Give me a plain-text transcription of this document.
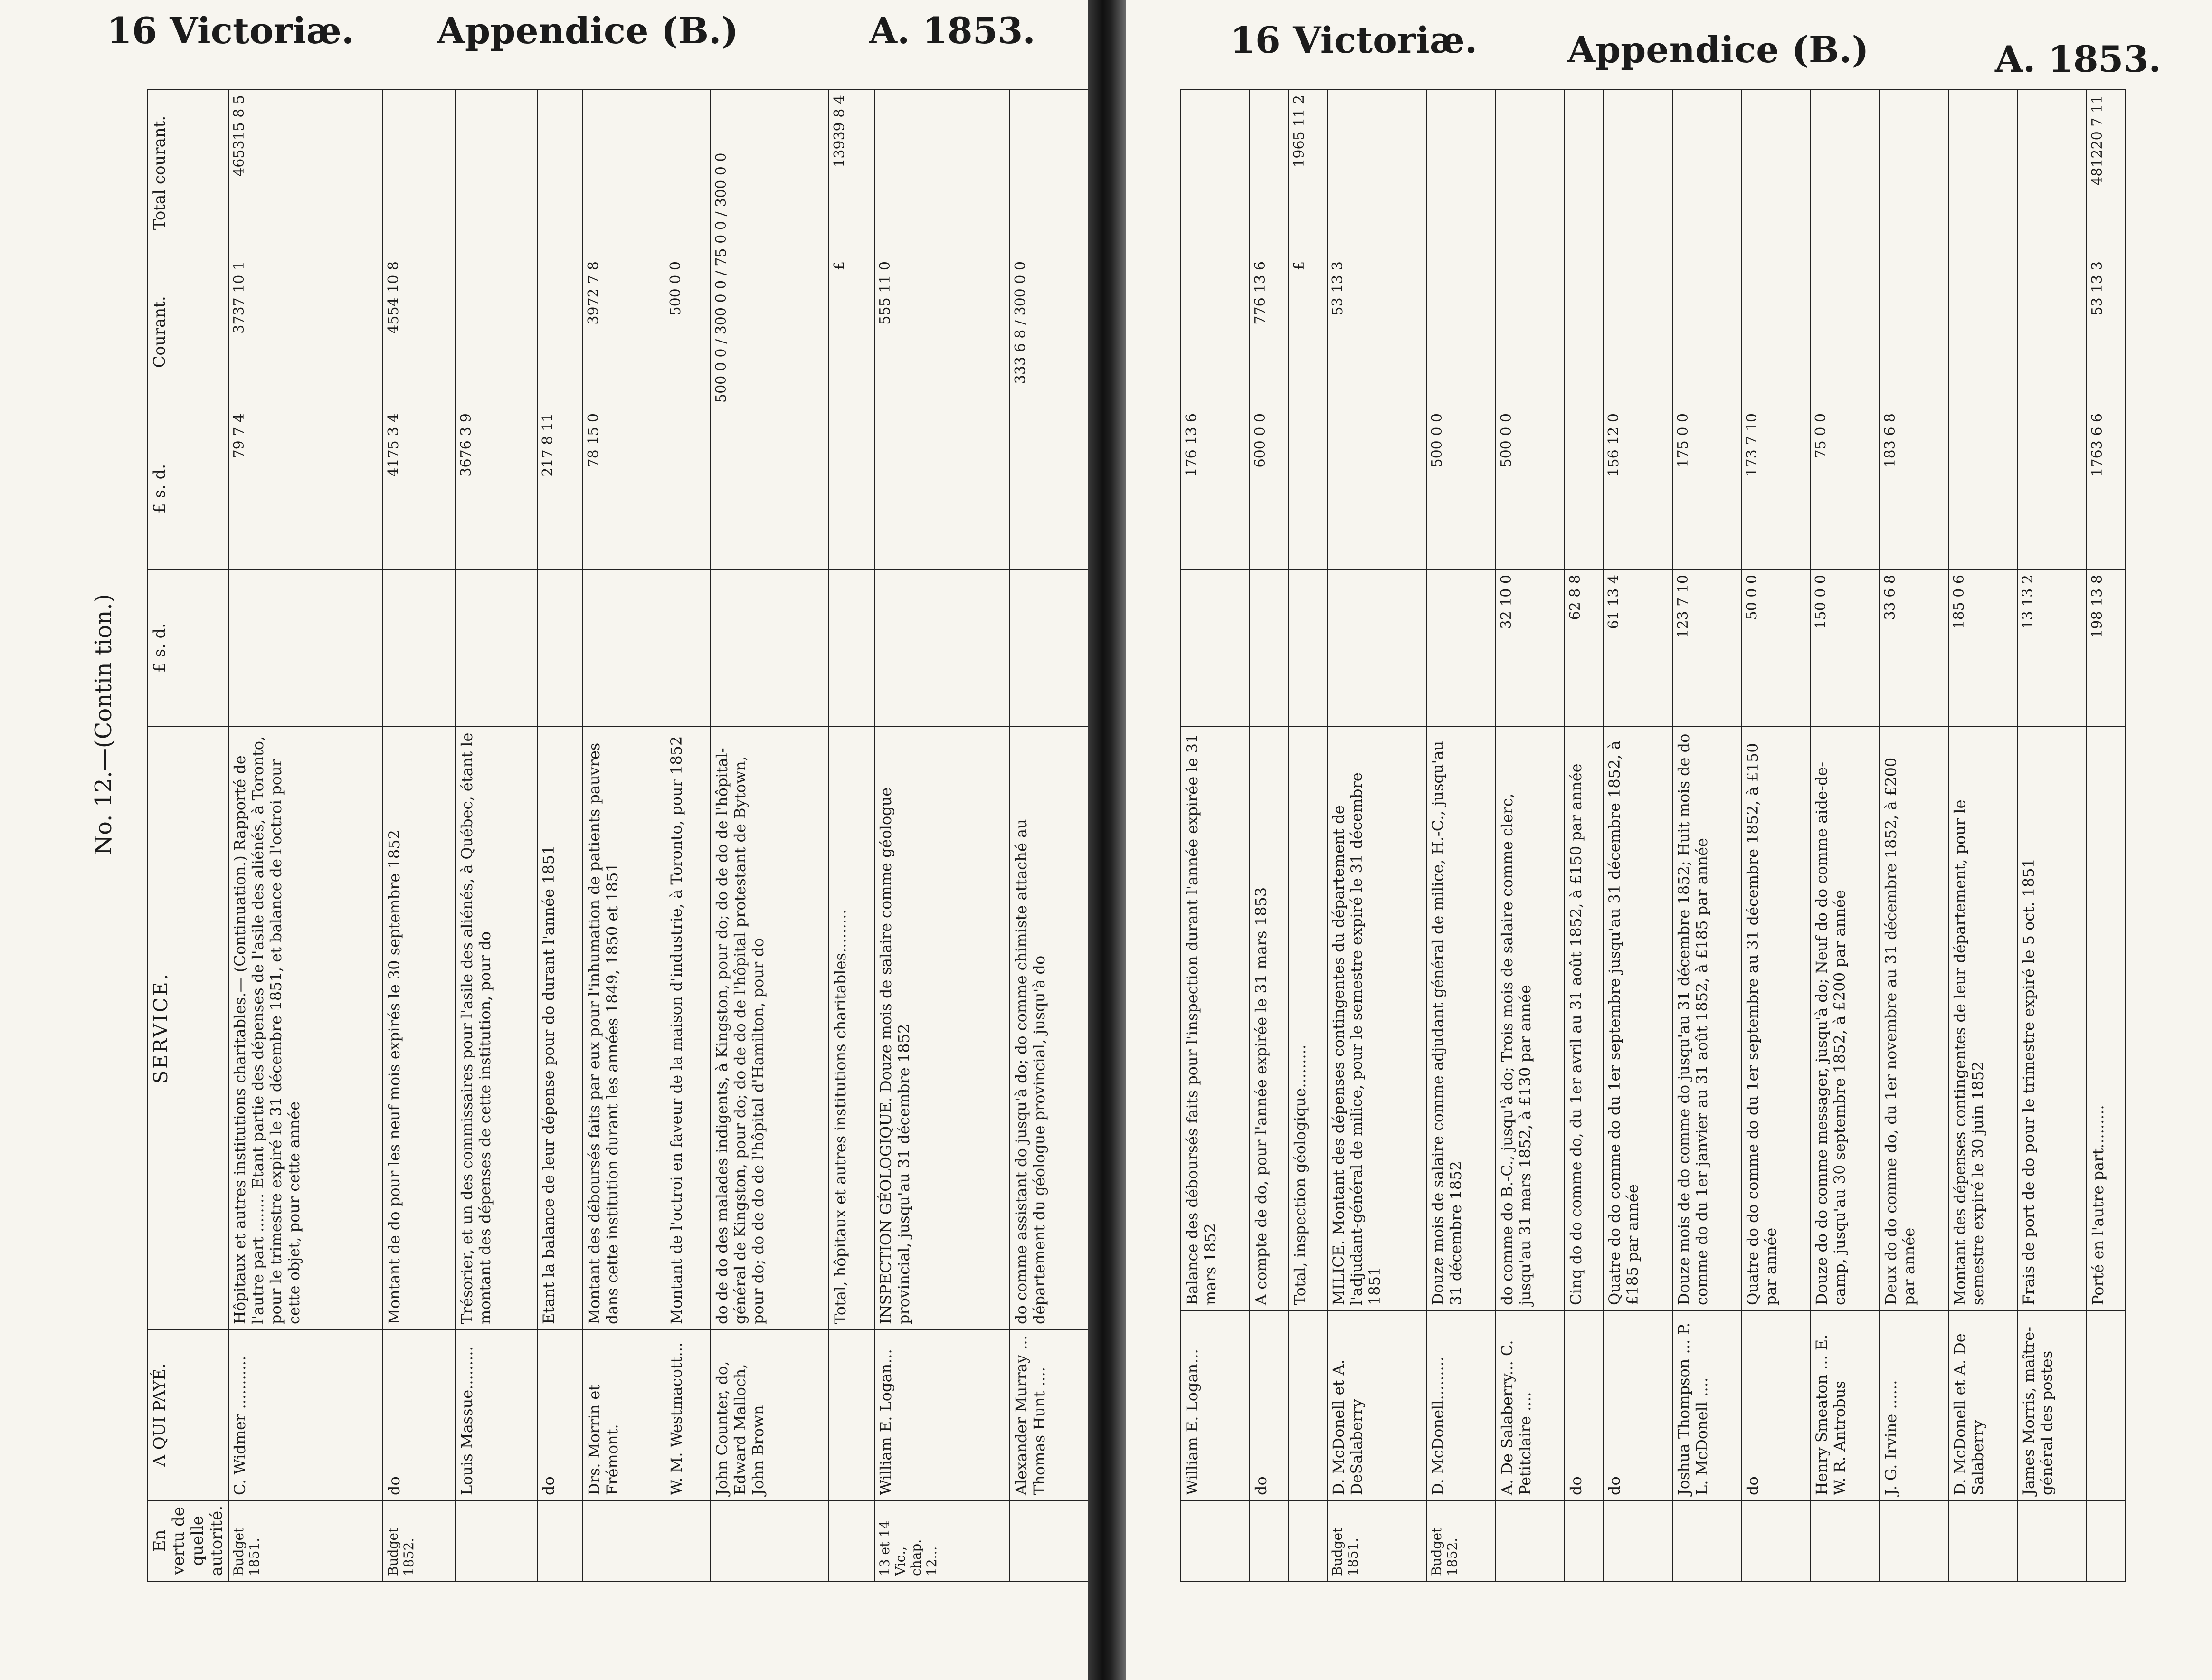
16 Victoriæ. Appendice (B.)	A. 1853.
No. 12.—(Contin tion.)
En vertu de quelle autorité.	A QUI PAYÉ.	SERVICE.	£ s. d.	£ s. d.	Courant.	Total courant.
Budget 1851.	C. Widmer ...........	Hôpitaux et autres institutions charitables.— (Continuation.) Rapporté de l'autre part ........ Etant partie des dépenses de l'asile des aliénés, à Toronto, pour le trimestre expiré le 31 décembre 1851, et balance de l'octroi pour cette objet, pour cette année		79 7 4	3737 10 1	465315 8 5
Budget 1852.	do	Montant de do pour les neuf mois expirés le 30 septembre 1852		4175 3 4	4554 10 8	
	Louis Massue.........	Trésorier, et un des commissaires pour l'asile des aliénés, à Québec, étant le montant des dépenses de cette institution, pour do		3676 3 9		
	do	Etant la balance de leur dépense pour do durant l'année 1851		217 8 11		
	Drs. Morrin et Frémont.	Montant des déboursés faits par eux pour l'inhumation de patients pauvres dans cette institution durant les années 1849, 1850 et 1851		78 15 0	3972 7 8	
	W. M. Westmacott...	Montant de l'octroi en faveur de la maison d'industrie, à Toronto, pour 1852			500 0 0	
	John Counter, do, Edward Malloch, John Brown	do de do des malades indigents, à Kingston, pour do; do de do de l'hôpital-général de Kingston, pour do; do de do de l'hôpital protestant de Bytown, pour do; do de do de l'hôpital d'Hamilton, pour do			500 0 0 / 300 0 0 / 75 0 0 / 300 0 0	
		Total, hôpitaux et autres institutions charitables.........			£	13939 8 4
13 et 14 Vic., chap. 12...	William E. Logan...	INSPECTION GÉOLOGIQUE. Douze mois de salaire comme géologue provincial, jusqu'au 31 décembre 1852			555 11 0	
	Alexander Murray ... Thomas Hunt ....	do comme assistant do jusqu'à do; do comme chimiste attaché au département du géologue provincial, jusqu'à do			333 6 8 / 300 0 0	
16 Victoriæ. Appendice (B.)	A. 1853.
	William E. Logan...	Balance des déboursés faits pour l'inspection durant l'année expirée le 31 mars 1852		176 13 6		
	do	A compte de do, pour l'année expirée le 31 mars 1853		600 0 0	776 13 6	
		Total, inspection géologique.........			£	1965 11 2
Budget 1851.	D. McDonell et A. DeSalaberry	MILICE. Montant des dépenses contingentes du département de l'adjudant-général de milice, pour le semestre expiré le 31 décembre 1851			53 13 3	
Budget 1852.	D. McDonell.........	Douze mois de salaire comme adjudant général de milice, H.-C., jusqu'au 31 décembre 1852		500 0 0		
	A. De Salaberry... C. Petitclaire ....	do comme do B.-C., jusqu'à do; Trois mois de salaire comme clerc, jusqu'au 31 mars 1852, à £130 par année	32 10 0	500 0 0		
	do	Cinq do do comme do, du 1er avril au 31 août 1852, à £150 par année	62 8 8			
	do	Quatre do do comme do du 1er septembre jusqu'au 31 décembre 1852, à £185 par année	61 13 4	156 12 0		
	Joshua Thompson ... P. L. McDonell ....	Douze mois de do comme do jusqu'au 31 décembre 1852; Huit mois de do comme do du 1er janvier au 31 août 1852, à £185 par année	123 7 10	175 0 0		
	do	Quatre do do comme do du 1er septembre au 31 décembre 1852, à £150 par année	50 0 0	173 7 10		
	Henry Smeaton ... E. W. R. Antrobus	Douze do do comme messager, jusqu'à do; Neuf do do comme aide-de-camp, jusqu'au 30 septembre 1852, à £200 par année	150 0 0	75 0 0		
	J. G. Irvine ......	Deux do do comme do, du 1er novembre au 31 décembre 1852, à £200 par année	33 6 8	183 6 8		
	D. McDonell et A. De Salaberry	Montant des dépenses contingentes de leur département, pour le semestre expiré le 30 juin 1852	185 0 6			
	James Morris, maître-général des postes	Frais de port de do pour le trimestre expiré le 5 oct. 1851	13 13 2			
		Porté en l'autre part.........	198 13 8	1763 6 6	53 13 3	481220 7 11
